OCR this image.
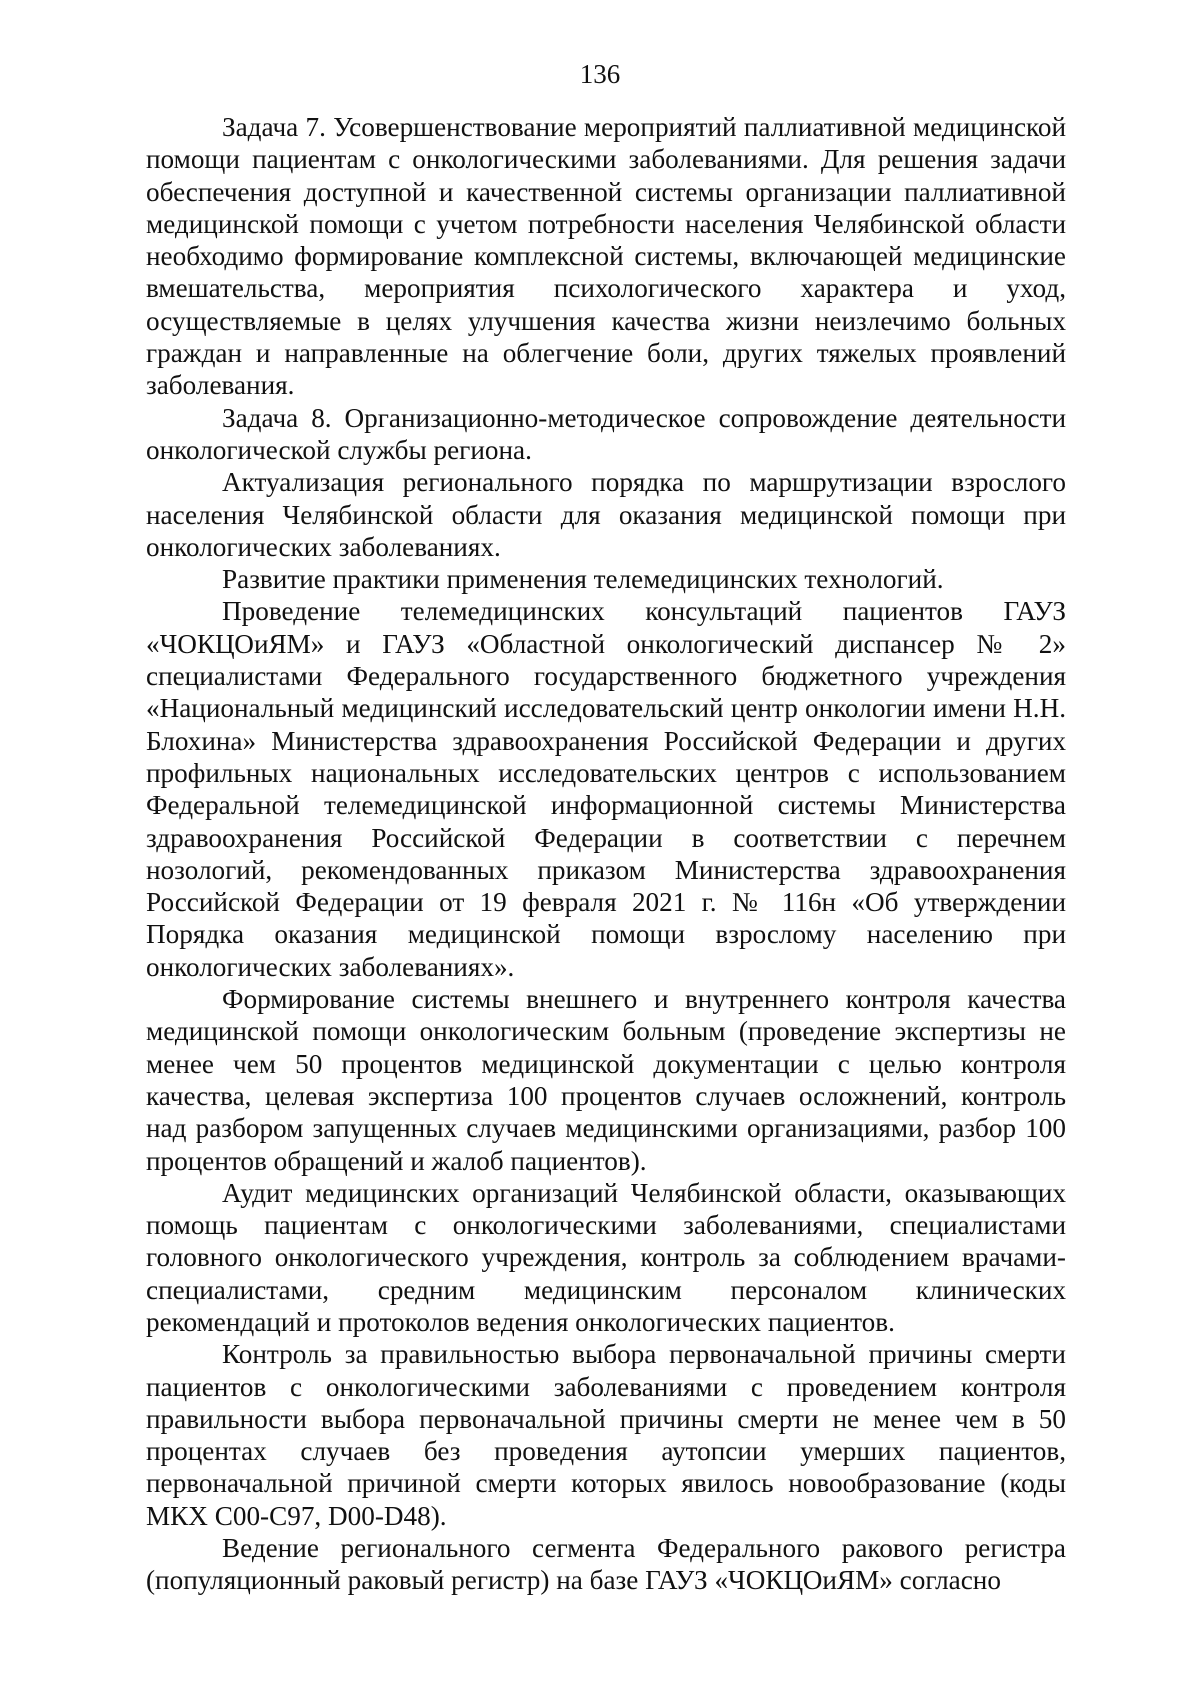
136

Задача 7. Усовершенствование мероприятий паллиативной медицинской помощи пациентам с онкологическими заболеваниями. Для решения задачи обеспечения доступной и качественной системы организации паллиативной медицинской помощи с учетом потребности населения Челябинской области необходимо формирование комплексной системы, включающей медицинские вмешательства, мероприятия психологического характера и уход, осуществляемые в целях улучшения качества жизни неизлечимо больных граждан и направленные на облегчение боли, других тяжелых проявлений заболевания.

Задача 8. Организационно-методическое сопровождение деятельности онкологической службы региона.

Актуализация регионального порядка по маршрутизации взрослого населения Челябинской области для оказания медицинской помощи при онкологических заболеваниях.

Развитие практики применения телемедицинских технологий.

Проведение телемедицинских консультаций пациентов ГАУЗ «ЧОКЦОиЯМ» и ГАУЗ «Областной онкологический диспансер № 2» специалистами Федерального государственного бюджетного учреждения «Национальный медицинский исследовательский центр онкологии имени Н.Н. Блохина» Министерства здравоохранения Российской Федерации и других профильных национальных исследовательских центров с использованием Федеральной телемедицинской информационной системы Министерства здравоохранения Российской Федерации в соответствии с перечнем нозологий, рекомендованных приказом Министерства здравоохранения Российской Федерации от 19 февраля 2021 г. № 116н «Об утверждении Порядка оказания медицинской помощи взрослому населению при онкологических заболеваниях».

Формирование системы внешнего и внутреннего контроля качества медицинской помощи онкологическим больным (проведение экспертизы не менее чем 50 процентов медицинской документации с целью контроля качества, целевая экспертиза 100 процентов случаев осложнений, контроль над разбором запущенных случаев медицинскими организациями, разбор 100 процентов обращений и жалоб пациентов).

Аудит медицинских организаций Челябинской области, оказывающих помощь пациентам с онкологическими заболеваниями, специалистами головного онкологического учреждения, контроль за соблюдением врачами-специалистами, средним медицинским персоналом клинических рекомендаций и протоколов ведения онкологических пациентов.

Контроль за правильностью выбора первоначальной причины смерти пациентов с онкологическими заболеваниями с проведением контроля правильности выбора первоначальной причины смерти не менее чем в 50 процентах случаев без проведения аутопсии умерших пациентов, первоначальной причиной смерти которых явилось новообразование (коды МКХ С00-С97, D00-D48).

Ведение регионального сегмента Федерального ракового регистра (популяционный раковый регистр) на базе ГАУЗ «ЧОКЦОиЯМ» согласно
